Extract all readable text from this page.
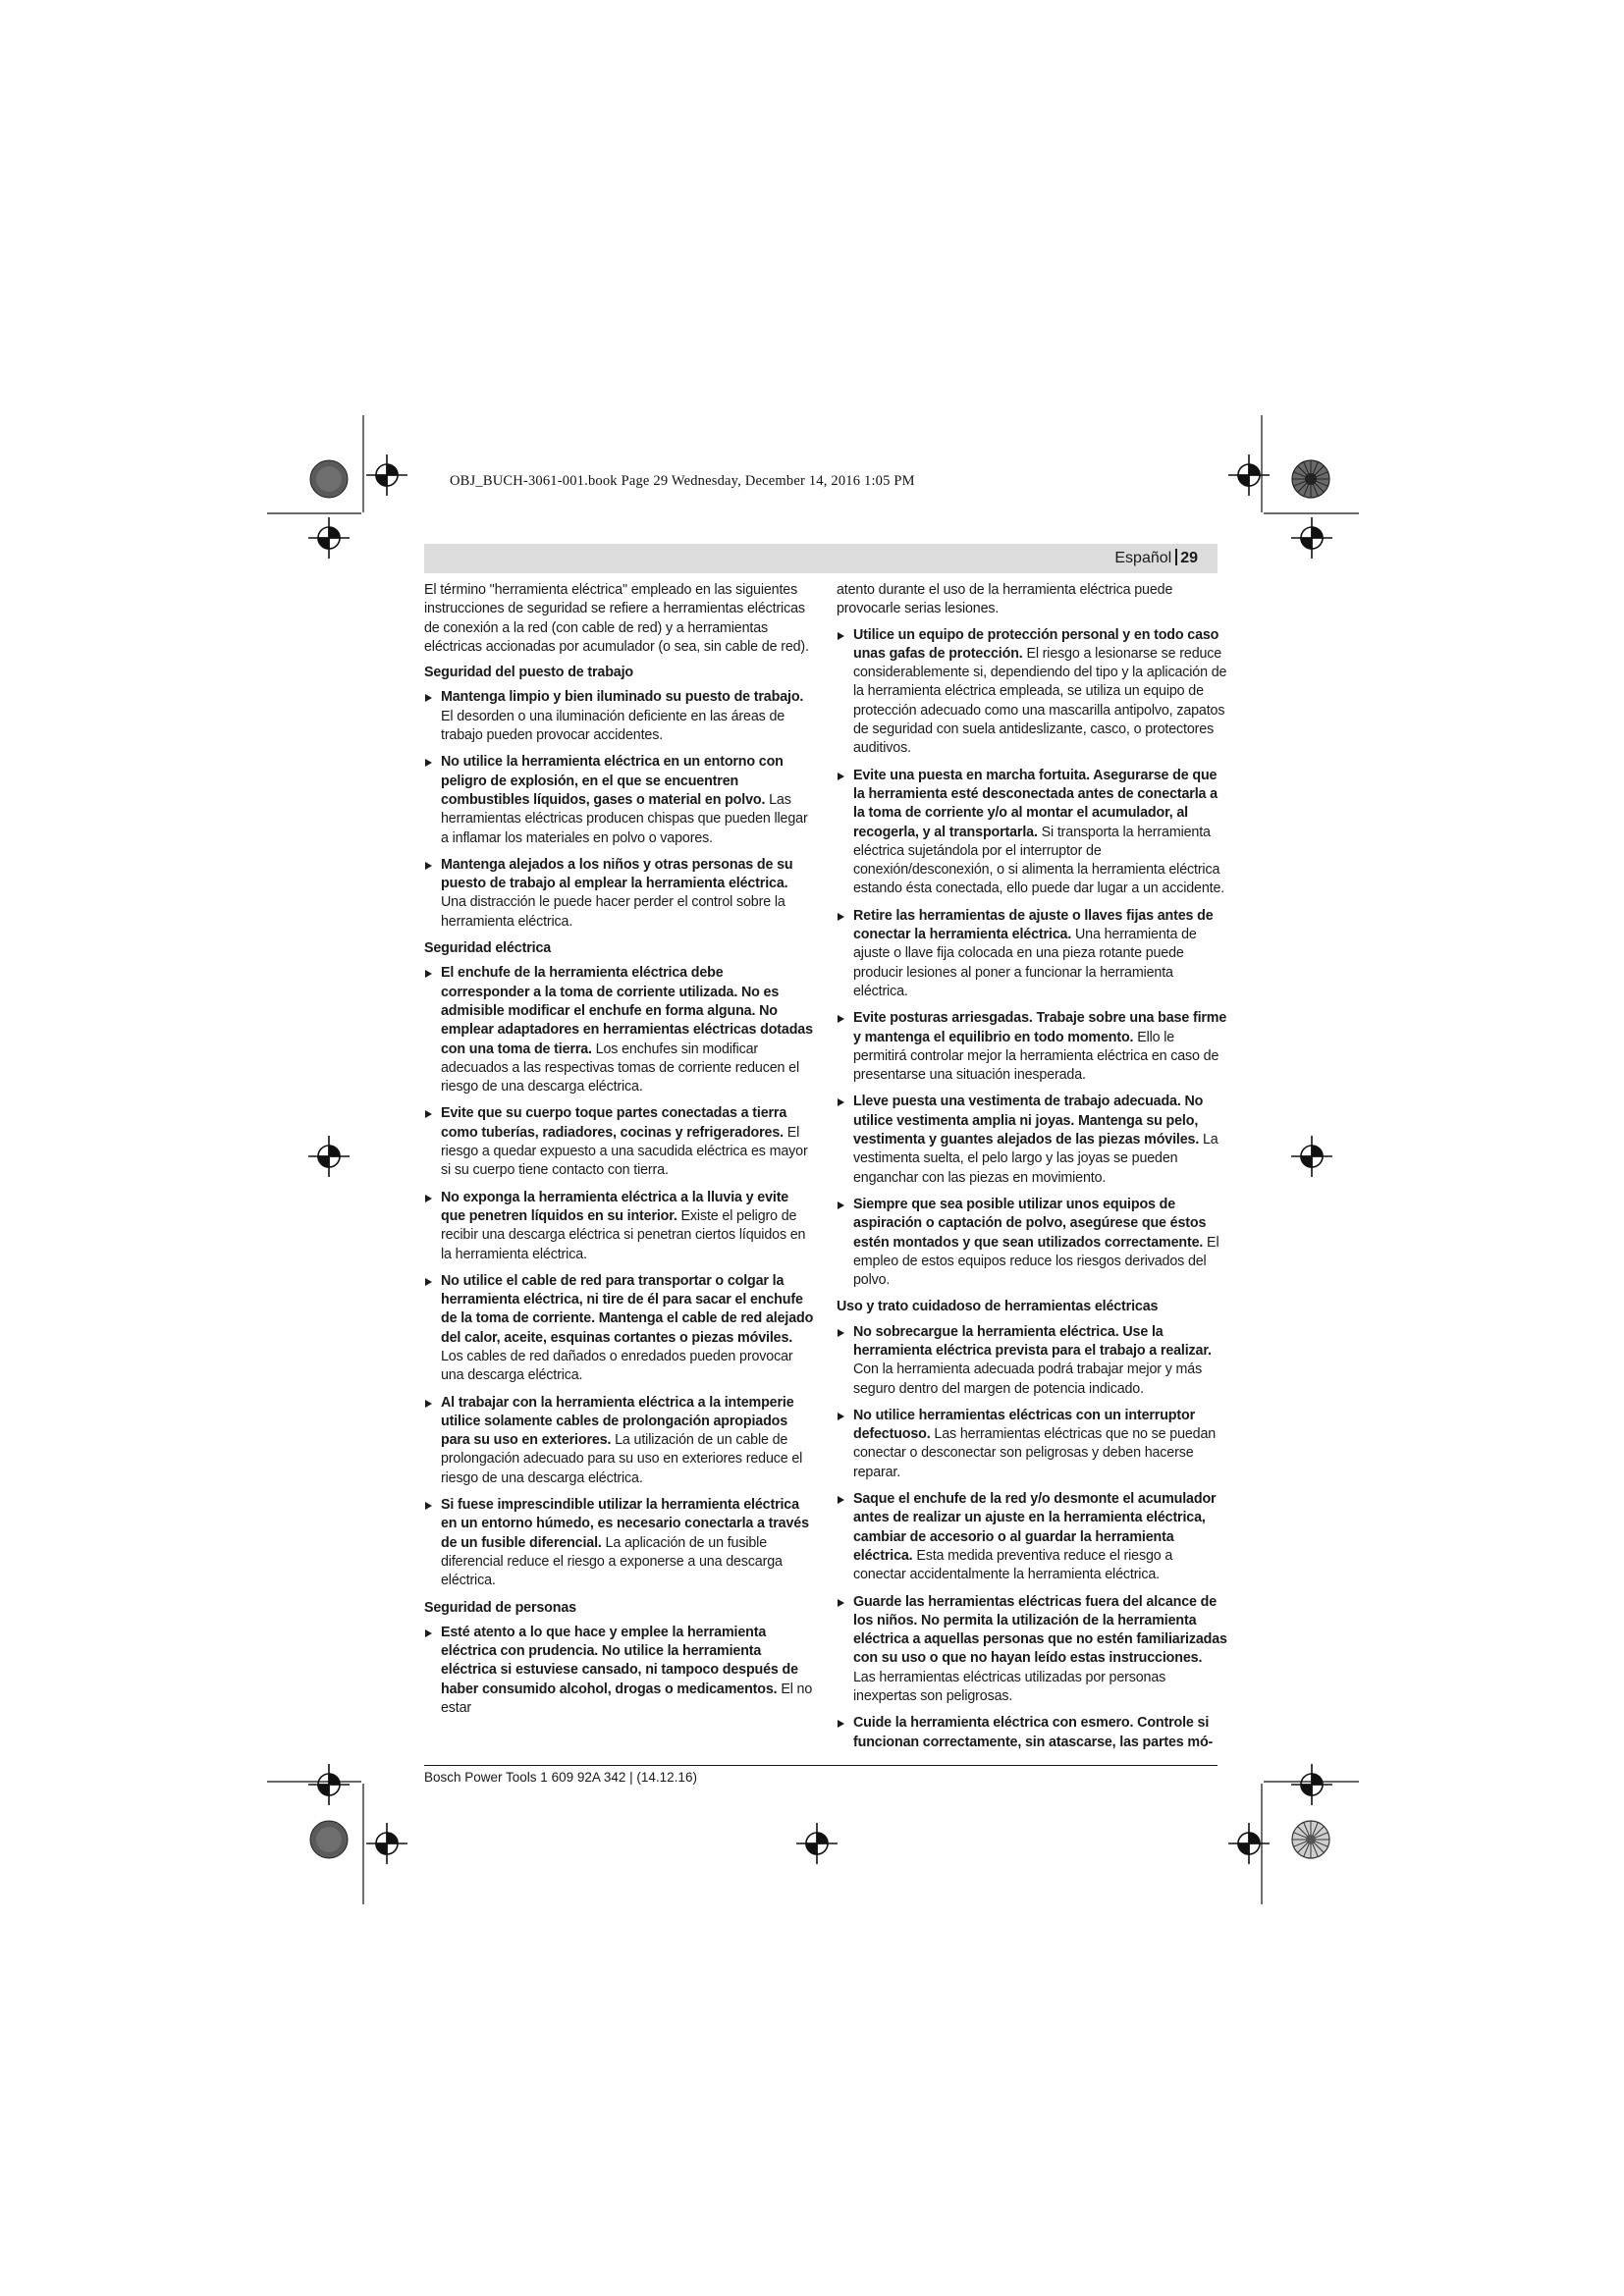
OBJ_BUCH-3061-001.book Page 29 Wednesday, December 14, 2016 1:05 PM
Español 29

El término "herramienta eléctrica" empleado en las siguientes instrucciones de seguridad se refiere a herramientas eléctricas de conexión a la red (con cable de red) y a herramientas eléctricas accionadas por acumulador (o sea, sin cable de red).

Seguridad del puesto de trabajo
Mantenga limpio y bien iluminado su puesto de trabajo. El desorden o una iluminación deficiente en las áreas de trabajo pueden provocar accidentes.
No utilice la herramienta eléctrica en un entorno con peligro de explosión, en el que se encuentren combustibles líquidos, gases o material en polvo. Las herramientas eléctricas producen chispas que pueden llegar a inflamar los materiales en polvo o vapores.
Mantenga alejados a los niños y otras personas de su puesto de trabajo al emplear la herramienta eléctrica. Una distracción le puede hacer perder el control sobre la herramienta eléctrica.
Seguridad eléctrica
El enchufe de la herramienta eléctrica debe corresponder a la toma de corriente utilizada. No es admisible modificar el enchufe en forma alguna. No emplear adaptadores en herramientas eléctricas dotadas con una toma de tierra. Los enchufes sin modificar adecuados a las respectivas tomas de corriente reducen el riesgo de una descarga eléctrica.
Evite que su cuerpo toque partes conectadas a tierra como tuberías, radiadores, cocinas y refrigeradores. El riesgo a quedar expuesto a una sacudida eléctrica es mayor si su cuerpo tiene contacto con tierra.
No exponga la herramienta eléctrica a la lluvia y evite que penetren líquidos en su interior. Existe el peligro de recibir una descarga eléctrica si penetran ciertos líquidos en la herramienta eléctrica.
No utilice el cable de red para transportar o colgar la herramienta eléctrica, ni tire de él para sacar el enchufe de la toma de corriente. Mantenga el cable de red alejado del calor, aceite, esquinas cortantes o piezas móviles. Los cables de red dañados o enredados pueden provocar una descarga eléctrica.
Al trabajar con la herramienta eléctrica a la intemperie utilice solamente cables de prolongación apropiados para su uso en exteriores. La utilización de un cable de prolongación adecuado para su uso en exteriores reduce el riesgo de una descarga eléctrica.
Si fuese imprescindible utilizar la herramienta eléctrica en un entorno húmedo, es necesario conectarla a través de un fusible diferencial. La aplicación de un fusible diferencial reduce el riesgo a exponerse a una descarga eléctrica.
Seguridad de personas
Esté atento a lo que hace y emplee la herramienta eléctrica con prudencia. No utilice la herramienta eléctrica si estuviese cansado, ni tampoco después de haber consumido alcohol, drogas o medicamentos. El no estar

atento durante el uso de la herramienta eléctrica puede provocarle serias lesiones.

Utilice un equipo de protección personal y en todo caso unas gafas de protección. El riesgo a lesionarse se reduce considerablemente si, dependiendo del tipo y la aplicación de la herramienta eléctrica empleada, se utiliza un equipo de protección adecuado como una mascarilla antipolvo, zapatos de seguridad con suela antideslizante, casco, o protectores auditivos.
Evite una puesta en marcha fortuita. Asegurarse de que la herramienta esté desconectada antes de conectarla a la toma de corriente y/o al montar el acumulador, al recogerla, y al transportarla. Si transporta la herramienta eléctrica sujetándola por el interruptor de conexión/desconexión, o si alimenta la herramienta eléctrica estando ésta conectada, ello puede dar lugar a un accidente.
Retire las herramientas de ajuste o llaves fijas antes de conectar la herramienta eléctrica. Una herramienta de ajuste o llave fija colocada en una pieza rotante puede producir lesiones al poner a funcionar la herramienta eléctrica.
Evite posturas arriesgadas. Trabaje sobre una base firme y mantenga el equilibrio en todo momento. Ello le permitirá controlar mejor la herramienta eléctrica en caso de presentarse una situación inesperada.
Lleve puesta una vestimenta de trabajo adecuada. No utilice vestimenta amplia ni joyas. Mantenga su pelo, vestimenta y guantes alejados de las piezas móviles. La vestimenta suelta, el pelo largo y las joyas se pueden enganchar con las piezas en movimiento.
Siempre que sea posible utilizar unos equipos de aspiración o captación de polvo, asegúrese que éstos estén montados y que sean utilizados correctamente. El empleo de estos equipos reduce los riesgos derivados del polvo.
Uso y trato cuidadoso de herramientas eléctricas
No sobrecargue la herramienta eléctrica. Use la herramienta eléctrica prevista para el trabajo a realizar. Con la herramienta adecuada podrá trabajar mejor y más seguro dentro del margen de potencia indicado.
No utilice herramientas eléctricas con un interruptor defectuoso. Las herramientas eléctricas que no se puedan conectar o desconectar son peligrosas y deben hacerse reparar.
Saque el enchufe de la red y/o desmonte el acumulador antes de realizar un ajuste en la herramienta eléctrica, cambiar de accesorio o al guardar la herramienta eléctrica. Esta medida preventiva reduce el riesgo a conectar accidentalmente la herramienta eléctrica.
Guarde las herramientas eléctricas fuera del alcance de los niños. No permita la utilización de la herramienta eléctrica a aquellas personas que no estén familiarizadas con su uso o que no hayan leído estas instrucciones. Las herramientas eléctricas utilizadas por personas inexpertas son peligrosas.
Cuide la herramienta eléctrica con esmero. Controle si funcionan correctamente, sin atascarse, las partes mó-
Bosch Power Tools 1 609 92A 342 | (14.12.16)
